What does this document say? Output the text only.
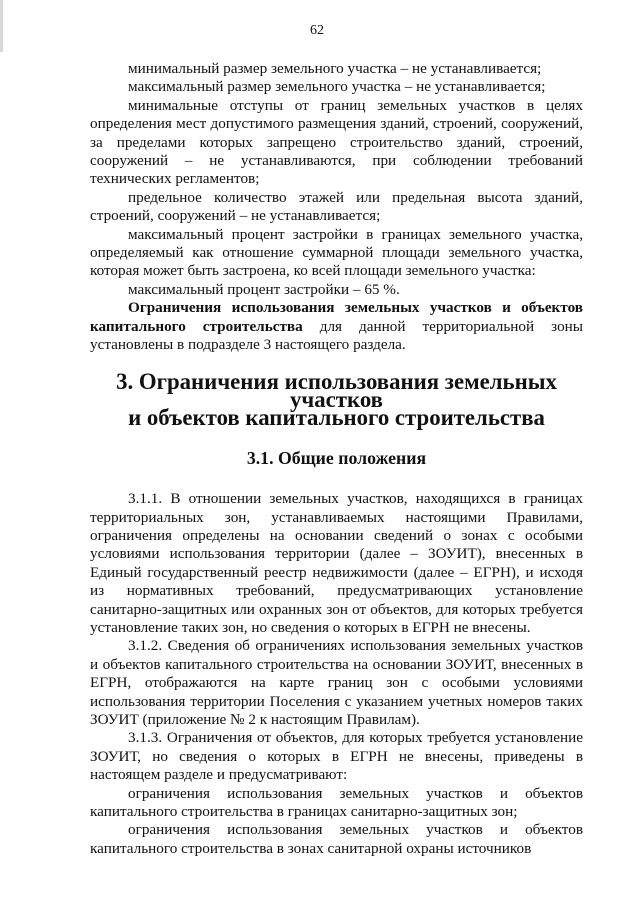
62

минимальный размер земельного участка – не устанавливается;

максимальный размер земельного участка – не устанавливается;

минимальные отступы от границ земельных участков в целях определения мест допустимого размещения зданий, строений, сооружений, за пределами которых запрещено строительство зданий, строений, сооружений – не устанавливаются, при соблюдении требований технических регламентов;

предельное количество этажей или предельная высота зданий, строений, сооружений – не устанавливается;

максимальный процент застройки в границах земельного участка, определяемый как отношение суммарной площади земельного участка, которая может быть застроена, ко всей площади земельного участка:

максимальный процент застройки – 65 %.

Ограничения использования земельных участков и объектов капитального строительства для данной территориальной зоны установлены в подразделе 3 настоящего раздела.

3. Ограничения использования земельных участков
и объектов капитального строительства
3.1. Общие положения

3.1.1. В отношении земельных участков, находящихся в границах территориальных зон, устанавливаемых настоящими Правилами, ограничения определены на основании сведений о зонах с особыми условиями использования территории (далее – ЗОУИТ), внесенных в Единый государственный реестр недвижимости (далее – ЕГРН), и исходя из нормативных требований, предусматривающих установление санитарно-защитных или охранных зон от объектов, для которых требуется установление таких зон, но сведения о которых в ЕГРН не внесены.

3.1.2. Сведения об ограничениях использования земельных участков и объектов капитального строительства на основании ЗОУИТ, внесенных в ЕГРН, отображаются на карте границ зон с особыми условиями использования территории Поселения с указанием учетных номеров таких ЗОУИТ (приложение № 2 к настоящим Правилам).

3.1.3. Ограничения от объектов, для которых требуется установление ЗОУИТ, но сведения о которых в ЕГРН не внесены, приведены в настоящем разделе и предусматривают:

ограничения использования земельных участков и объектов капитального строительства в границах санитарно-защитных зон;

ограничения использования земельных участков и объектов капитального строительства в зонах санитарной охраны источников
